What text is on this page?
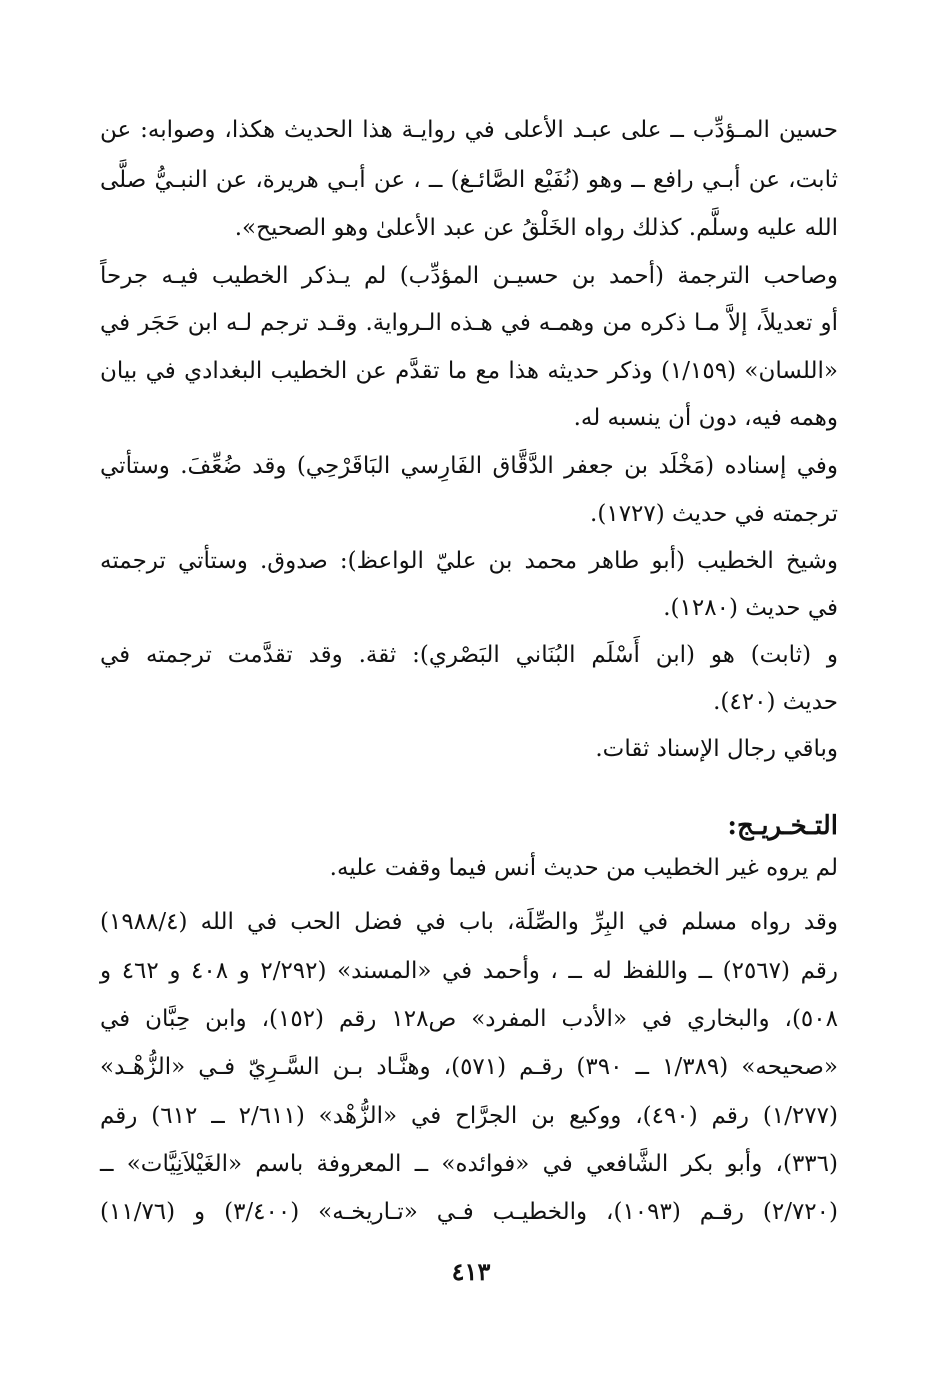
حسين المـؤدِّب ــ على عبـد الأعلى في روايـة هذا الحديث هكذا، وصوابه: عن
ثابت، عن أبـي رافع ــ وهو (نُفَيْع الصَّائـغ) ــ ، عن أبـي هريرة، عن النبـيُّ صلَّى
الله عليه وسلَّم. كذلك رواه الخَلْقُ عن عبد الأعلىٰ وهو الصحيح».
وصاحب الترجمة (أحمد بن حسيـن المؤدِّب) لم يـذكر الخطيب فيـه جرحاً
أو تعديلاً، إلاَّ مـا ذكره من وهمـه في هـذه الـرواية. وقـد ترجم لـه ابن حَجَر في
«اللسان» (١/١٥٩) وذكر حديثه هذا مع ما تقدَّم عن الخطيب البغدادي في بيان
وهمه فيه، دون أن ينسبه له.
وفي إسناده (مَخْلَد بن جعفر الدَّقَّاق الفَارِسي البَاقَرْحِي) وقد ضُعِّفَ. وستأتي
ترجمته في حديث (١٧٢٧).
وشيخ الخطيب (أبو طاهر محمد بن عليّ الواعظ): صدوق. وستأتي ترجمته
في حديث (١٢٨٠).
و (ثابت) هو (ابن أَسْلَم البُنَاني البَصْري): ثقة. وقد تقدَّمت ترجمته في
حديث (٤٢٠).
وباقي رجال الإسناد ثقات.
التـخـريـج:
لم يروه غير الخطيب من حديث أنس فيما وقفت عليه.
وقد رواه مسلم في البِرِّ والصِّلَة، باب في فضل الحب في الله (١٩٨٨/٤)
رقم (٢٥٦٧) ــ واللفظ له ــ ، وأحمد في «المسند» (٢/٢٩٢ و ٤٠٨ و ٤٦٢ و
٥٠٨)، والبخاري في «الأدب المفرد» ص١٢٨ رقم (١٥٢)، وابن حِبَّان في
«صحيحه» (١/٣٨٩ ــ ٣٩٠) رقـم (٥٧١)، وهنَّـاد بـن السَّـرِيّ فـي «الزُّهْـد»
(١/٢٧٧) رقم (٤٩٠)، ووكيع بن الجرَّاح في «الزُّهْد» (٢/٦١١ ــ ٦١٢) رقم
(٣٣٦)، وأبو بكر الشَّافعي في «فوائده» ــ المعروفة باسم «الغَيْلاَنِيَّات» ــ
(٢/٧٢٠) رقـم (١٠٩٣)، والخطيـب فـي «تـاريخـه» (٣/٤٠٠) و (١١/٧٦)
٤١٣
